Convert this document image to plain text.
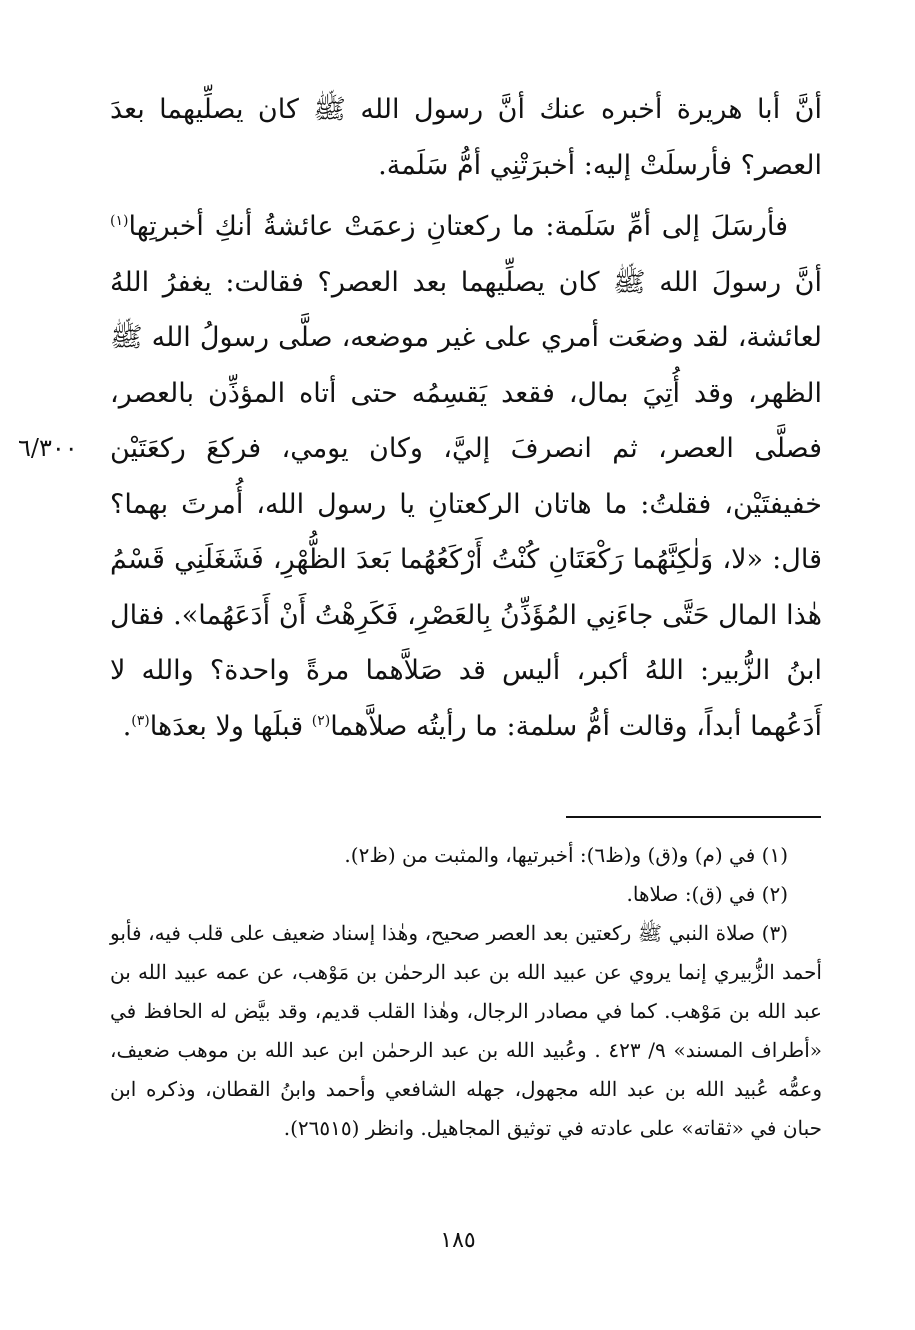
أنَّ أبا هريرة أخبره عنك أنَّ رسول الله ﷺ كان يصلِّيهما بعدَ العصر؟ فأرسلَتْ إليه: أخبرَتْنِي أمُّ سَلَمة.

فأرسَلَ إلى أمِّ سَلَمة: ما ركعتانِ زعمَتْ عائشةُ أنكِ أخبرتِها$^{(١)}$ أنَّ رسولَ الله ﷺ كان يصلِّيهما بعد العصر؟ فقالت: يغفرُ اللهُ لعائشة، لقد وضعَت أمري على غير موضعه، صلَّى رسولُ الله ﷺ الظهر، وقد أُتِيَ بمال، فقعد يَقسِمُه حتى أتاه المؤذِّن بالعصر، فصلَّى العصر، ثم انصرفَ إليَّ، وكان يومي، فركعَ ركعَتَيْن خفيفتَيْن، فقلتُ: ما هاتان الركعتانِ يا رسول الله، أُمرتَ بهما؟ قال: «لا، وَلٰكِنَّهُما رَكْعَتَانِ كُنْتُ أَرْكَعُهُما بَعدَ الظُّهْرِ، فَشَغَلَنِي قَسْمُ هٰذا المال حَتَّى جاءَنِي المُؤَذِّنُ بِالعَصْرِ، فَكَرِهْتُ أَنْ أَدَعَهُما». فقال ابنُ الزُّبير: اللهُ أكبر، أليس قد صَلاَّهما مرةً واحدة؟ والله لا أَدَعُهما أبداً، وقالت أمُّ سلمة: ما رأيتُه صلاَّهما$^{(٢)}$ قبلَها ولا بعدَها$^{(٣)}$.

٦/٣٠٠

(١) في (م) و(ق) و(ظ٦): أخبرتيها، والمثبت من (ظ٢).

(٢) في (ق): صلاها.

(٣) صلاة النبي ﷺ ركعتين بعد العصر صحيح، وهٰذا إسناد ضعيف على قلب فيه، فأبو أحمد الزُّبيري إنما يروي عن عبيد الله بن عبد الرحمٰن بن مَوْهب، عن عمه عبيد الله بن عبد الله بن مَوْهب. كما في مصادر الرجال، وهٰذا القلب قديم، وقد بيَّض له الحافظ في «أطراف المسند» ٩/ ٤٢٣ . وعُبيد الله بن عبد الرحمٰن ابن عبد الله بن موهب ضعيف، وعمُّه عُبيد الله بن عبد الله مجهول، جهله الشافعي وأحمد وابنُ القطان، وذكره ابن حبان في «ثقاته» على عادته في توثيق المجاهيل. وانظر (٢٦٥١٥).

١٨٥
